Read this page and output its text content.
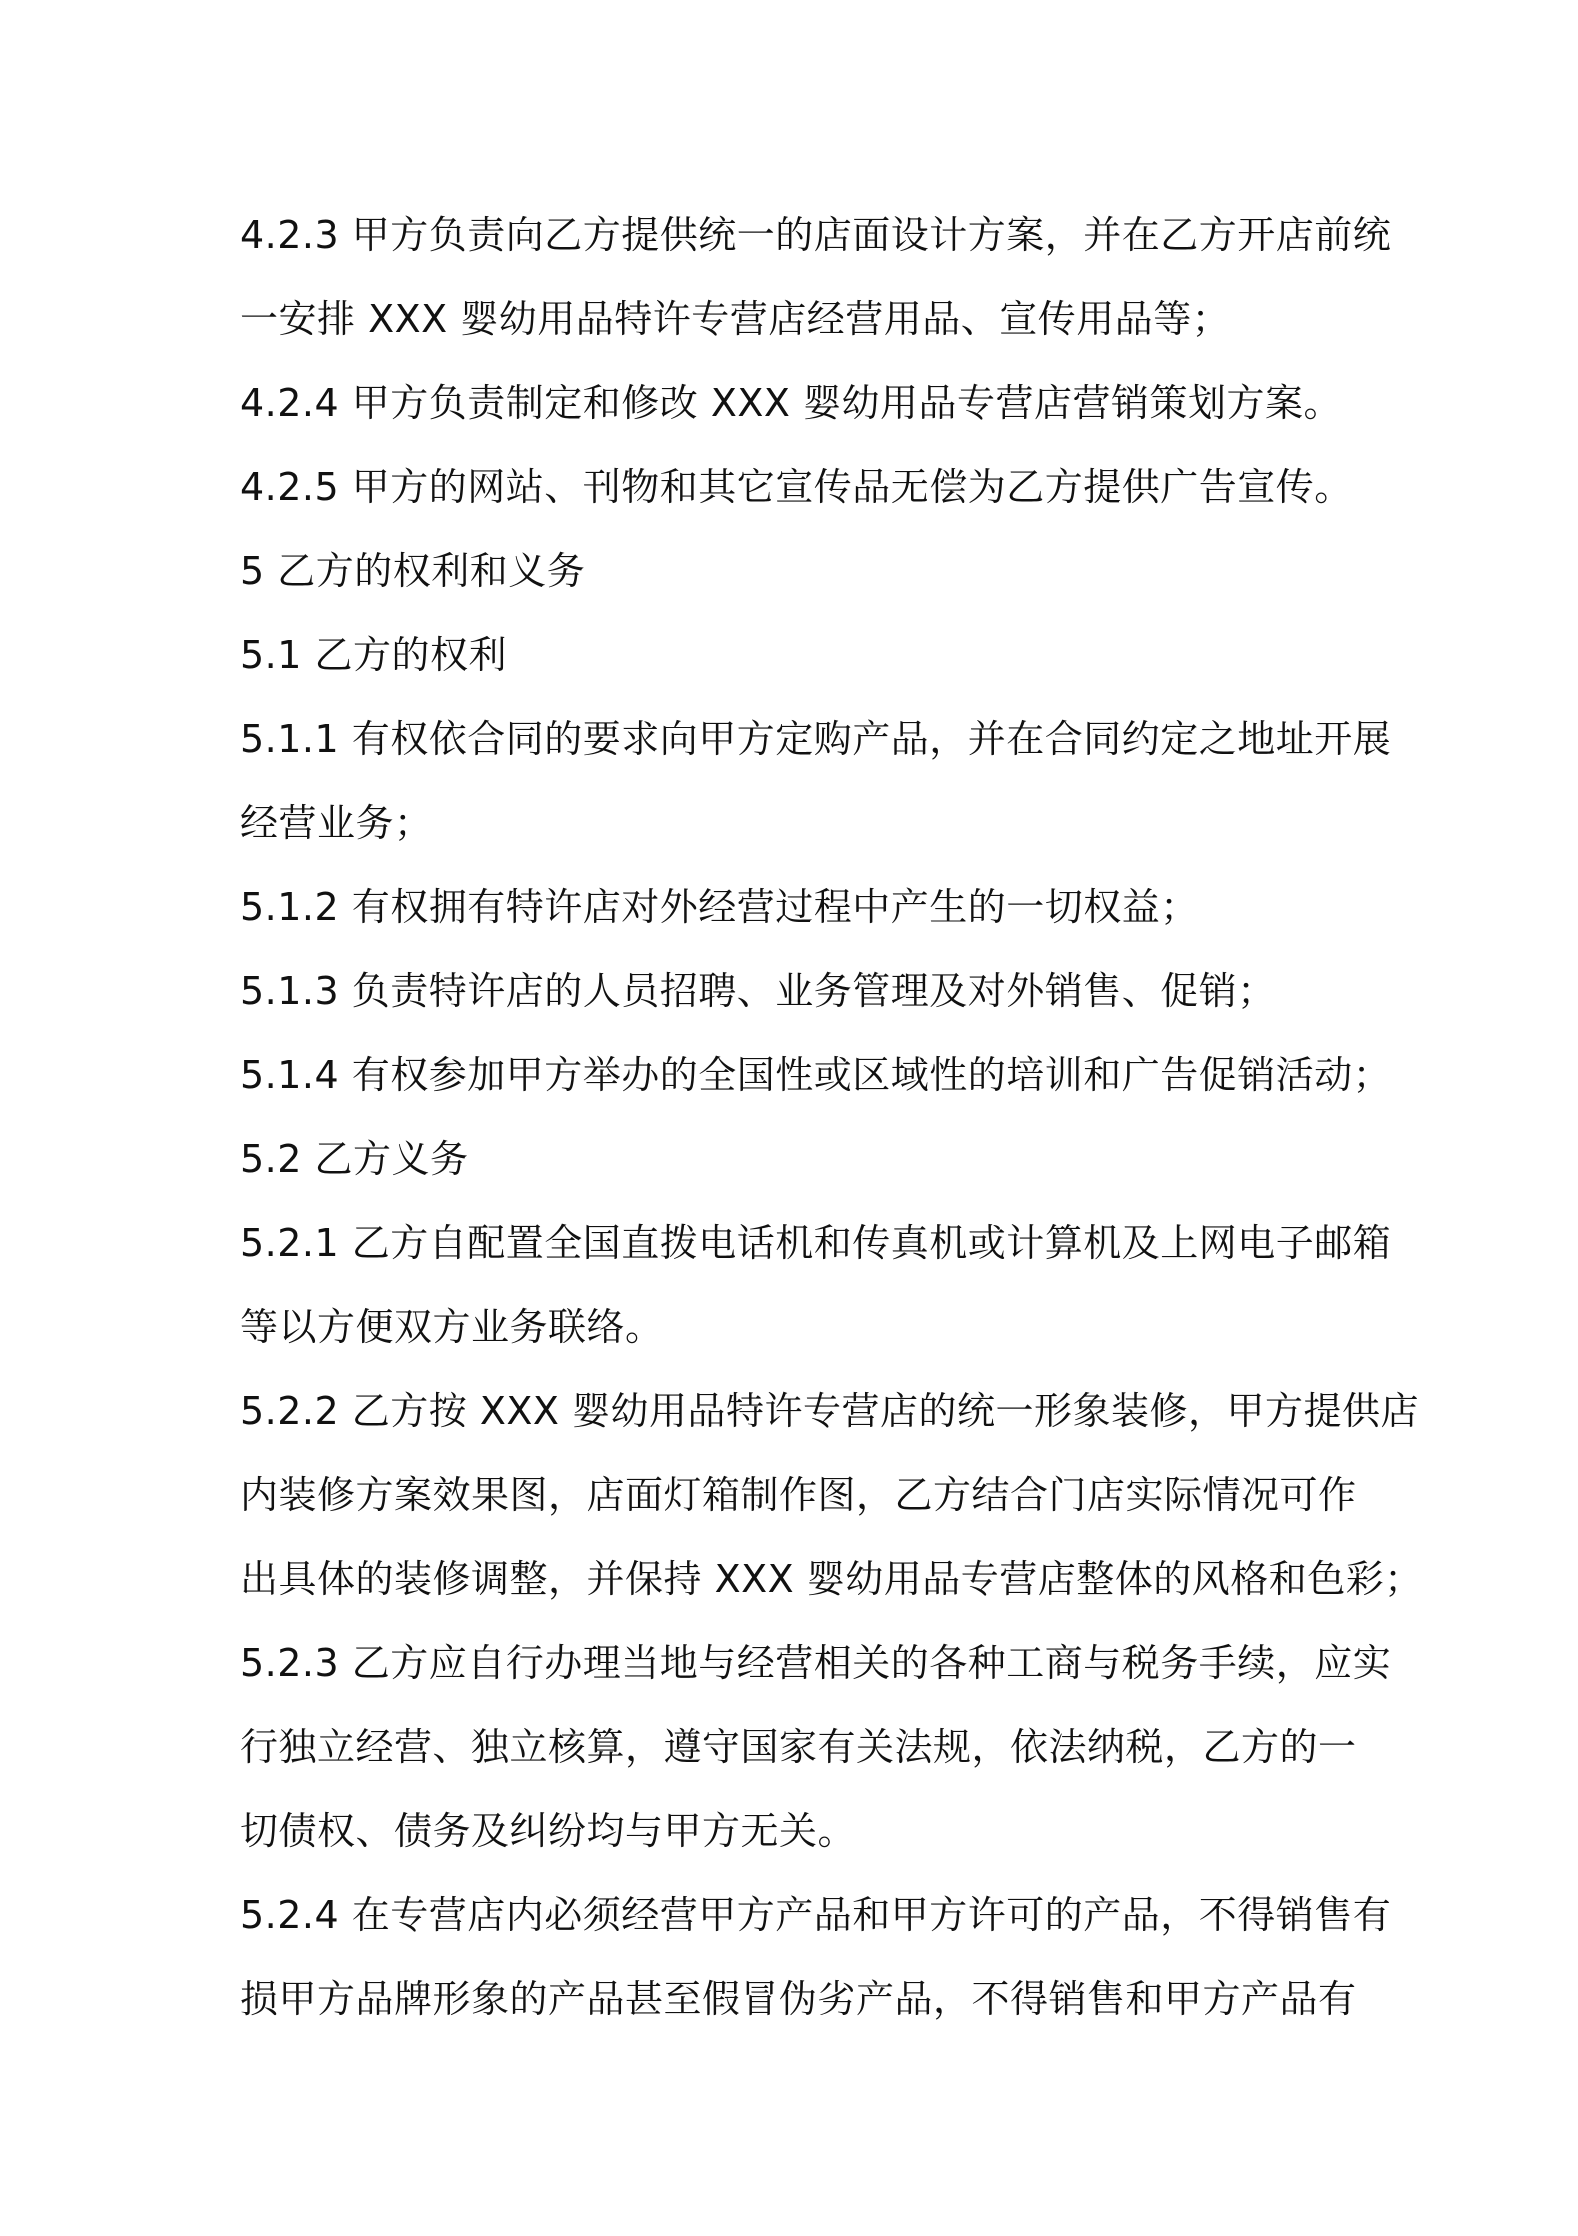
4.2.3 甲方负责向乙方提供统一的店面设计方案，并在乙方开店前统
一安排 XXX 婴幼用品特许专营店经营用品、宣传用品等；
4.2.4 甲方负责制定和修改 XXX 婴幼用品专营店营销策划方案。
4.2.5 甲方的网站、刊物和其它宣传品无偿为乙方提供广告宣传。
5 乙方的权利和义务
5.1 乙方的权利
5.1.1 有权依合同的要求向甲方定购产品，并在合同约定之地址开展
经营业务；
5.1.2 有权拥有特许店对外经营过程中产生的一切权益；
5.1.3 负责特许店的人员招聘、业务管理及对外销售、促销；
5.1.4 有权参加甲方举办的全国性或区域性的培训和广告促销活动；
5.2 乙方义务
5.2.1 乙方自配置全国直拨电话机和传真机或计算机及上网电子邮箱
等以方便双方业务联络。
5.2.2 乙方按 XXX 婴幼用品特许专营店的统一形象装修，甲方提供店
内装修方案效果图，店面灯箱制作图，乙方结合门店实际情况可作
出具体的装修调整，并保持 XXX 婴幼用品专营店整体的风格和色彩；
5.2.3 乙方应自行办理当地与经营相关的各种工商与税务手续，应实
行独立经营、独立核算，遵守国家有关法规，依法纳税，乙方的一
切债权、债务及纠纷均与甲方无关。
5.2.4 在专营店内必须经营甲方产品和甲方许可的产品，不得销售有
损甲方品牌形象的产品甚至假冒伪劣产品，不得销售和甲方产品有
